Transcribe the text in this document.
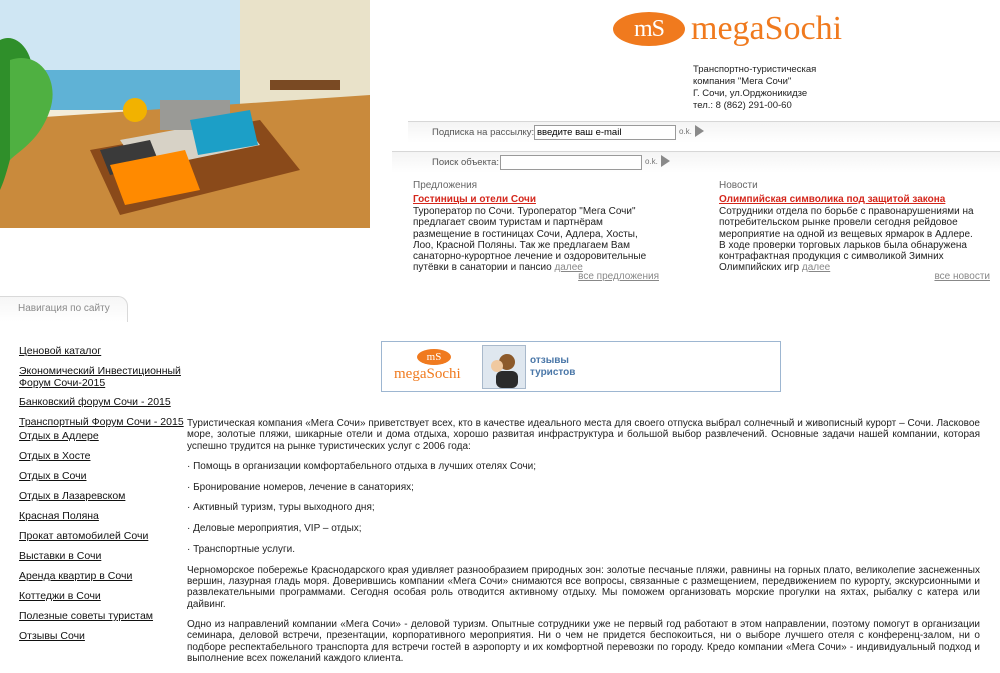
mS megaSochi
Транспортно-туристическая
компания "Мега Сочи"
Г. Сочи, ул.Орджоникидзе
тел.: 8 (862) 291-00-60
Подписка на рассылку:
введите ваш e-mail	o.k.
Поиск объекта:	o.k.
Предложения
Гостиницы и отели Сочи
Туроператор по Сочи. Туроператор "Мега Сочи" предлагает своим туристам и партнёрам размещение в гостиницах Сочи, Адлера, Хосты, Лоо, Красной Поляны. Так же предлагаем Вам санаторно-курортное лечение и оздоровительные путёвки в санатории и пансио далее
все предложения
Новости
Олимпийская символика под защитой закона
Сотрудники отдела по борьбе с правонарушениями на потребительском рынке провели сегодня рейдовое мероприятие на одной из вещевых ярмарок в Адлере. В ходе проверки торговых ларьков была обнаружена контрафактная продукция с символикой Зимних Олимпийских игр далее
все новости
Навигация по сайту
Ценовой каталог
Экономический Инвестиционный Форум Сочи-2015
Банковский форум Сочи - 2015
Транспортный Форум Сочи - 2015
Отдых в Адлере
Отдых в Хосте
Отдых в Сочи
Отдых в Лазаревском
Красная Поляна
Прокат автомобилей Сочи
Выставки в Сочи
Аренда квартир в Сочи
Коттеджи в Сочи
Полезные советы туристам
Отзывы Сочи
mS
megaSochi
отзывы
туристов

Туристическая компания «Мега Сочи» приветствует всех, кто в качестве идеального места для своего отпуска выбрал солнечный и живописный курорт – Сочи. Ласковое море, золотые пляжи, шикарные отели и дома отдыха, хорошо развитая инфраструктура и большой выбор развлечений. Основные задачи нашей компании, которая успешно трудится на рынке туристических услуг с 2006 года:

· Помощь в организации комфортабельного отдыха в лучших отелях Сочи;

· Бронирование номеров, лечение в санаториях;

· Активный туризм, туры выходного дня;

· Деловые мероприятия, VIP – отдых;

· Транспортные услуги.

Черноморское побережье Краснодарского края удивляет разнообразием природных зон: золотые песчаные пляжи, равнины на горных плато, великолепие заснеженных вершин, лазурная гладь моря. Доверившись компании «Мега Сочи» снимаются все вопросы, связанные с размещением, передвижением по курорту, экскурсионными и развлекательными программами. Сегодня особая роль отводится активному отдыху. Мы поможем организовать морские прогулки на яхтах, рыбалку с катера или дайвинг.

Одно из направлений компании «Мега Сочи» - деловой туризм. Опытные сотрудники уже не первый год работают в этом направлении, поэтому помогут в организации семинара, деловой встречи, презентации, корпоративного мероприятия. Ни о чем не придется беспокоиться, ни о выборе лучшего отеля с конференц-залом, ни о подборе респектабельного транспорта для встречи гостей в аэропорту и их комфортной перевозки по городу. Кредо компании «Мега Сочи» - индивидуальный подход и выполнение всех пожеланий каждого клиента.
